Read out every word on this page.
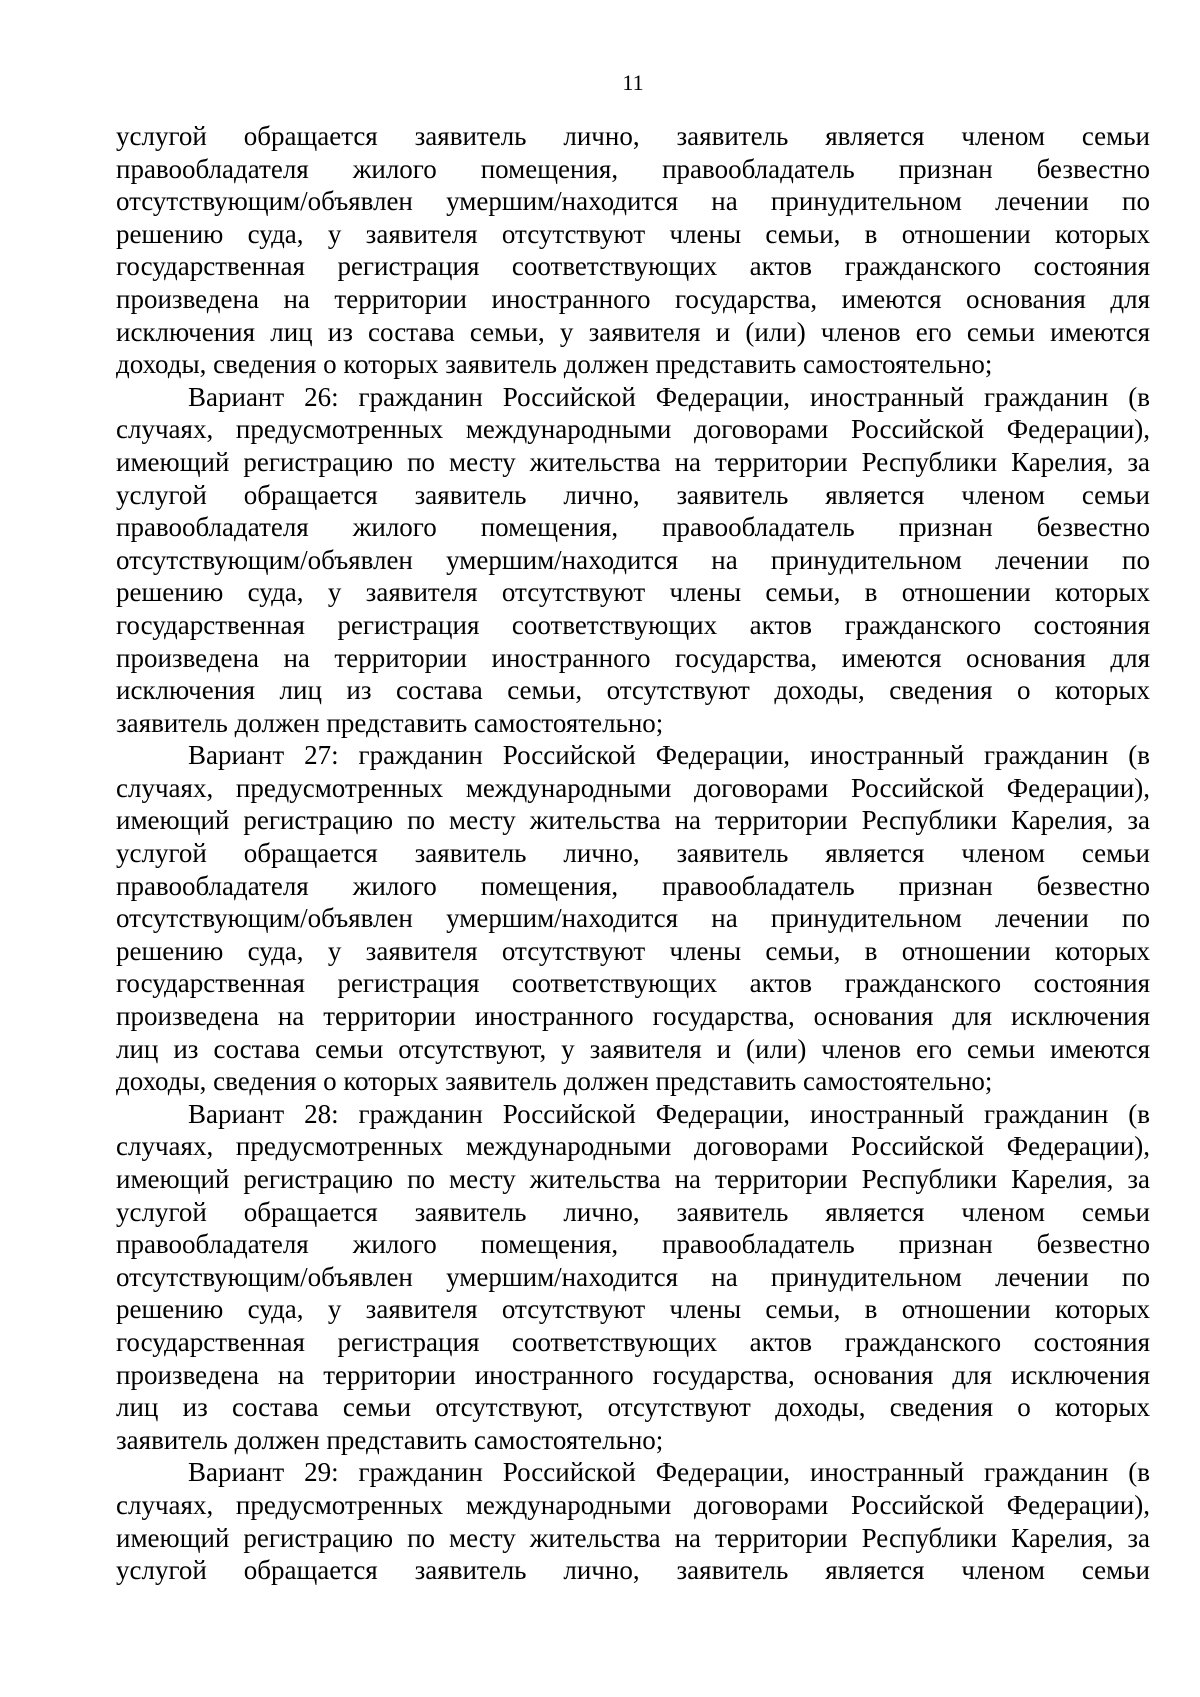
11
услугой обращается заявитель лично, заявитель является членом семьи
правообладателя жилого помещения, правообладатель признан безвестно
отсутствующим/объявлен умершим/находится на принудительном лечении по
решению суда, у заявителя отсутствуют члены семьи, в отношении которых
государственная регистрация соответствующих актов гражданского состояния
произведена на территории иностранного государства, имеются основания для
исключения лиц из состава семьи, у заявителя и (или) членов его семьи имеются
доходы, сведения о которых заявитель должен представить самостоятельно;
Вариант 26: гражданин Российской Федерации, иностранный гражданин (в
случаях, предусмотренных международными договорами Российской Федерации),
имеющий регистрацию по месту жительства на территории Республики Карелия, за
услугой обращается заявитель лично, заявитель является членом семьи
правообладателя жилого помещения, правообладатель признан безвестно
отсутствующим/объявлен умершим/находится на принудительном лечении по
решению суда, у заявителя отсутствуют члены семьи, в отношении которых
государственная регистрация соответствующих актов гражданского состояния
произведена на территории иностранного государства, имеются основания для
исключения лиц из состава семьи, отсутствуют доходы, сведения о которых
заявитель должен представить самостоятельно;
Вариант 27: гражданин Российской Федерации, иностранный гражданин (в
случаях, предусмотренных международными договорами Российской Федерации),
имеющий регистрацию по месту жительства на территории Республики Карелия, за
услугой обращается заявитель лично, заявитель является членом семьи
правообладателя жилого помещения, правообладатель признан безвестно
отсутствующим/объявлен умершим/находится на принудительном лечении по
решению суда, у заявителя отсутствуют члены семьи, в отношении которых
государственная регистрация соответствующих актов гражданского состояния
произведена на территории иностранного государства, основания для исключения
лиц из состава семьи отсутствуют, у заявителя и (или) членов его семьи имеются
доходы, сведения о которых заявитель должен представить самостоятельно;
Вариант 28: гражданин Российской Федерации, иностранный гражданин (в
случаях, предусмотренных международными договорами Российской Федерации),
имеющий регистрацию по месту жительства на территории Республики Карелия, за
услугой обращается заявитель лично, заявитель является членом семьи
правообладателя жилого помещения, правообладатель признан безвестно
отсутствующим/объявлен умершим/находится на принудительном лечении по
решению суда, у заявителя отсутствуют члены семьи, в отношении которых
государственная регистрация соответствующих актов гражданского состояния
произведена на территории иностранного государства, основания для исключения
лиц из состава семьи отсутствуют, отсутствуют доходы, сведения о которых
заявитель должен представить самостоятельно;
Вариант 29: гражданин Российской Федерации, иностранный гражданин (в
случаях, предусмотренных международными договорами Российской Федерации),
имеющий регистрацию по месту жительства на территории Республики Карелия, за
услугой обращается заявитель лично, заявитель является членом семьи
